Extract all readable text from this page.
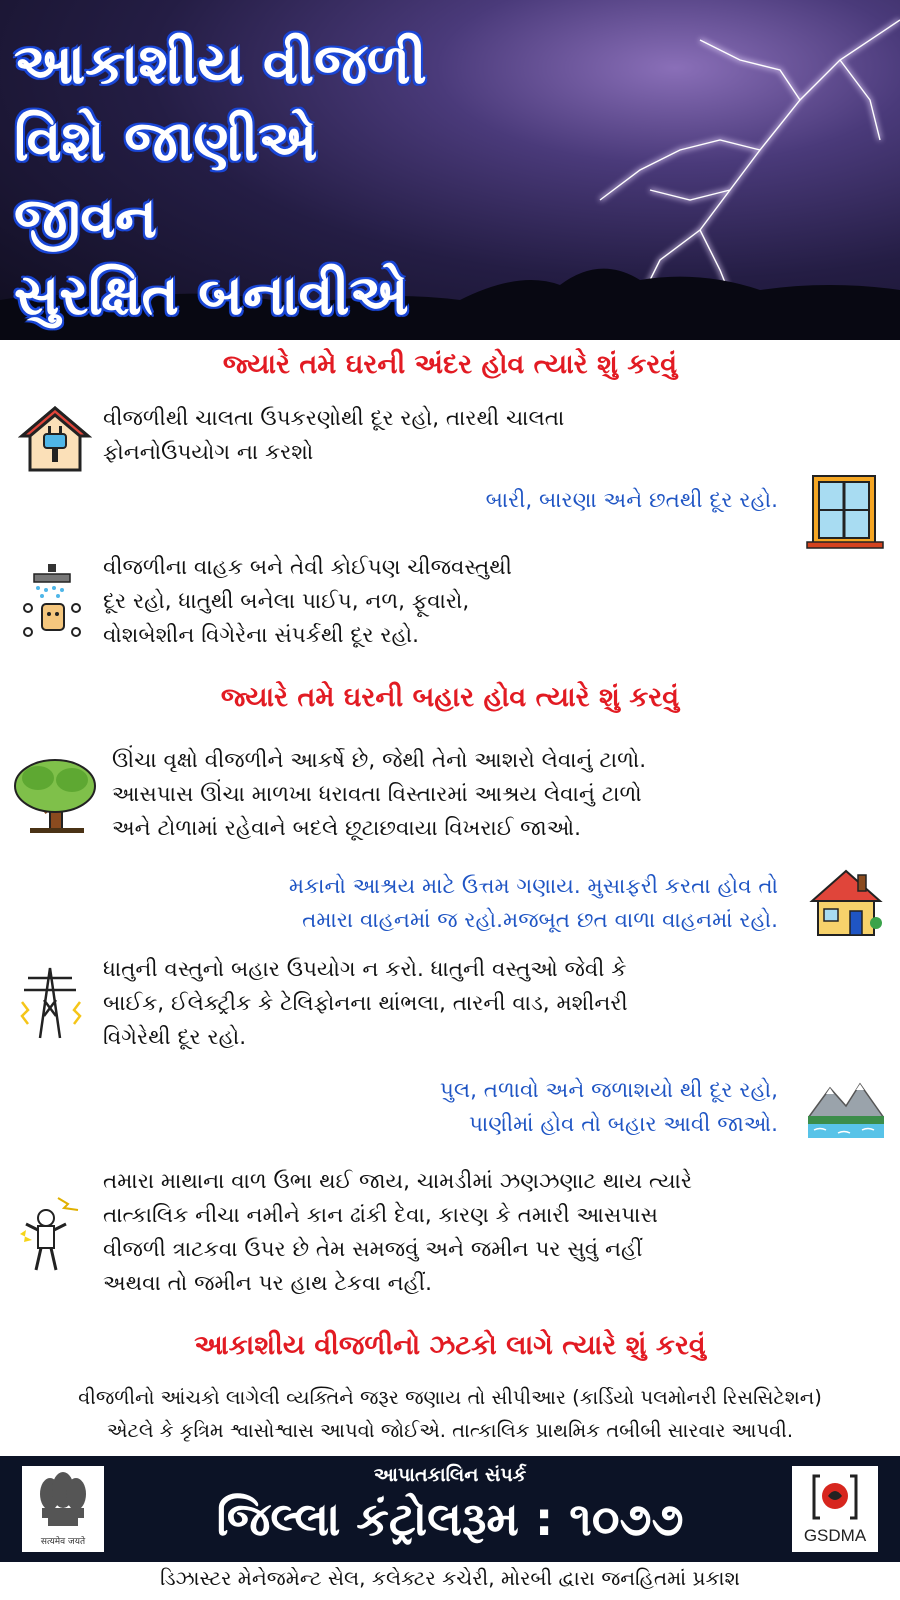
આકાશીય વીજળી
વિશે જાણીએ
જીવન
સુરક્ષિત બનાવીએ
જ્યારે તમે ઘરની અંદર હોવ ત્યારે શું કરવું
વીજળીથી ચાલતા ઉપકરણોથી દૂર રહો, તારથી ચાલતા
ફોનનોઉપયોગ ના કરશો
બારી, બારણા અને છતથી દૂર રહો.
વીજળીના વાહક બને તેવી કોઈપણ ચીજવસ્તુથી
દૂર રહો, ધાતુથી બનેલા પાઈપ, નળ, ફૂવારો,
વોશબેશીન વિગેરેના સંપર્કથી દૂર રહો.
જ્યારે તમે ઘરની બહાર હોવ ત્યારે શું કરવું
ઊંચા વૃક્ષો વીજળીને આકર્ષે છે, જેથી તેનો આશરો લેવાનું ટાળો.
આસપાસ ઊંચા માળખા ધરાવતા વિસ્તારમાં આશ્રય લેવાનું ટાળો
અને ટોળામાં રહેવાને બદલે છૂટાછવાયા વિખરાઈ જાઓ.
મકાનો આશ્રય માટે ઉત્તમ ગણાય. મુસાફરી કરતા હોવ તો
તમારા વાહનમાં જ રહો.મજબૂત છત વાળા વાહનમાં રહો.
ધાતુની વસ્તુનો બહાર ઉપયોગ ન કરો. ધાતુની વસ્તુઓ જેવી કે
બાઈક, ઈલેક્ટ્રીક કે ટેલિફોનના થાંભલા, તારની વાડ, મશીનરી
વિગેરેથી દૂર રહો.
પુલ, તળાવો અને જળાશયો થી દૂર રહો,
પાણીમાં હોવ તો બહાર આવી જાઓ.
તમારા માથાના વાળ ઉભા થઈ જાય, ચામડીમાં ઝણઝણાટ થાય ત્યારે
તાત્કાલિક નીચા નમીને કાન ઢાંકી દેવા, કારણ કે તમારી આસપાસ
વીજળી ત્રાટકવા ઉપર છે તેમ સમજવું અને જમીન પર સુવું નહીં
અથવા તો જમીન પર હાથ ટેકવા નહીં.
આકાશીય વીજળીનો ઝટકો લાગે ત્યારે શું કરવું
વીજળીનો આંચકો લાગેલી વ્યક્તિને જરૂર જણાય તો સીપીઆર (કાર્ડિયો પલમોનરી રિસસિટેશન)
એટલે કે કૃત્રિમ શ્વાસોશ્વાસ આપવો જોઈએ. તાત્કાલિક પ્રાથમિક તબીબી સારવાર આપવી.
सत्यमेव जयते
આપાતકાલિન સંપર્ક
જિલ્લા કંટ્રોલરૂમ : ૧૦૭૭	GSDMA
ડિઝાસ્ટર મેનેજમેન્ટ સેલ, કલેક્ટર કચેરી, મોરબી દ્વારા જનહિતમાં પ્રકાશ
